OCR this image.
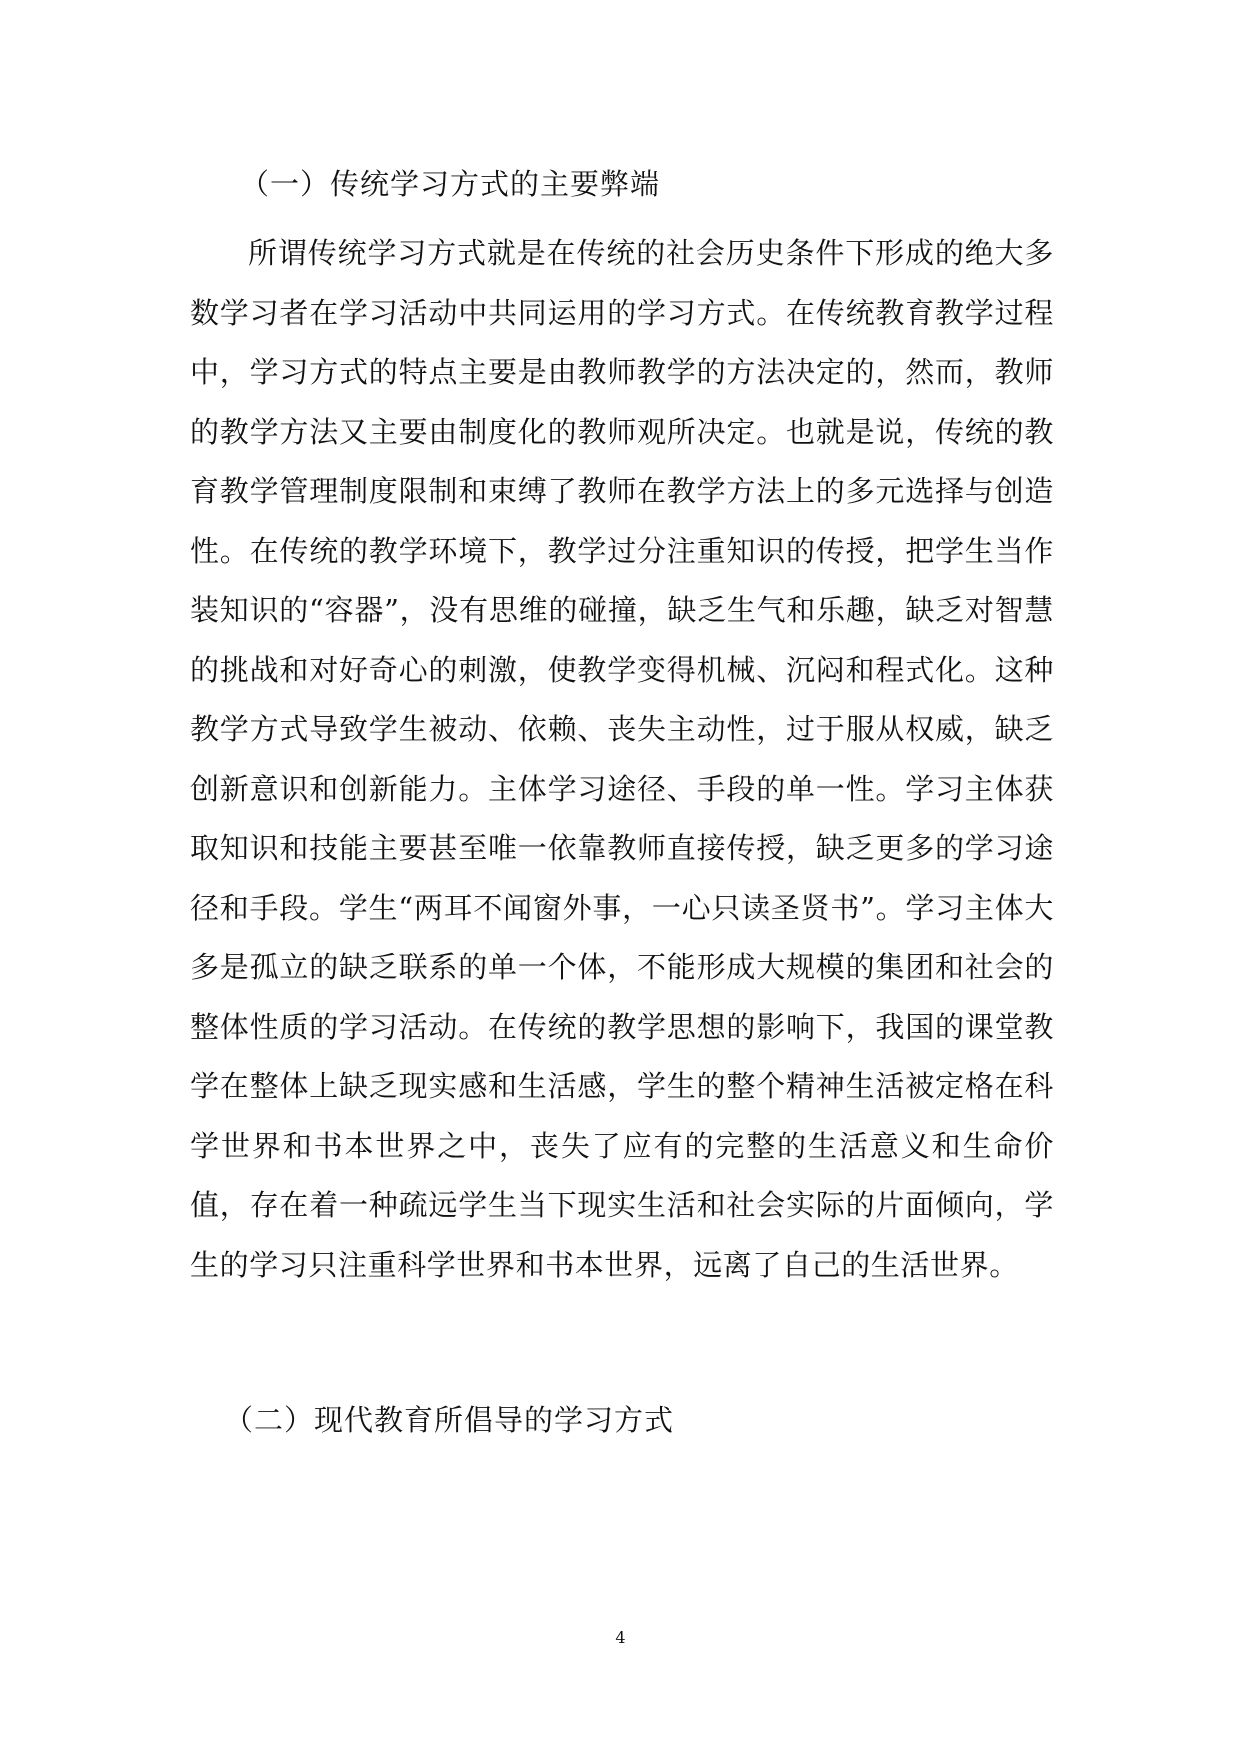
（一）传统学习方式的主要弊端

所谓传统学习方式就是在传统的社会历史条件下形成的绝大多数学习者在学习活动中共同运用的学习方式。在传统教育教学过程中，学习方式的特点主要是由教师教学的方法决定的，然而，教师的教学方法又主要由制度化的教师观所决定。也就是说，传统的教育教学管理制度限制和束缚了教师在教学方法上的多元选择与创造性。在传统的教学环境下，教学过分注重知识的传授，把学生当作装知识的“容器”，没有思维的碰撞，缺乏生气和乐趣，缺乏对智慧的挑战和对好奇心的刺激，使教学变得机械、沉闷和程式化。这种教学方式导致学生被动、依赖、丧失主动性，过于服从权威，缺乏创新意识和创新能力。主体学习途径、手段的单一性。学习主体获取知识和技能主要甚至唯一依靠教师直接传授，缺乏更多的学习途径和手段。学生“两耳不闻窗外事，一心只读圣贤书”。学习主体大多是孤立的缺乏联系的单一个体，不能形成大规模的集团和社会的整体性质的学习活动。在传统的教学思想的影响下，我国的课堂教学在整体上缺乏现实感和生活感，学生的整个精神生活被定格在科学世界和书本世界之中，丧失了应有的完整的生活意义和生命价值，存在着一种疏远学生当下现实生活和社会实际的片面倾向，学生的学习只注重科学世界和书本世界，远离了自己的生活世界。

（二）现代教育所倡导的学习方式
4
